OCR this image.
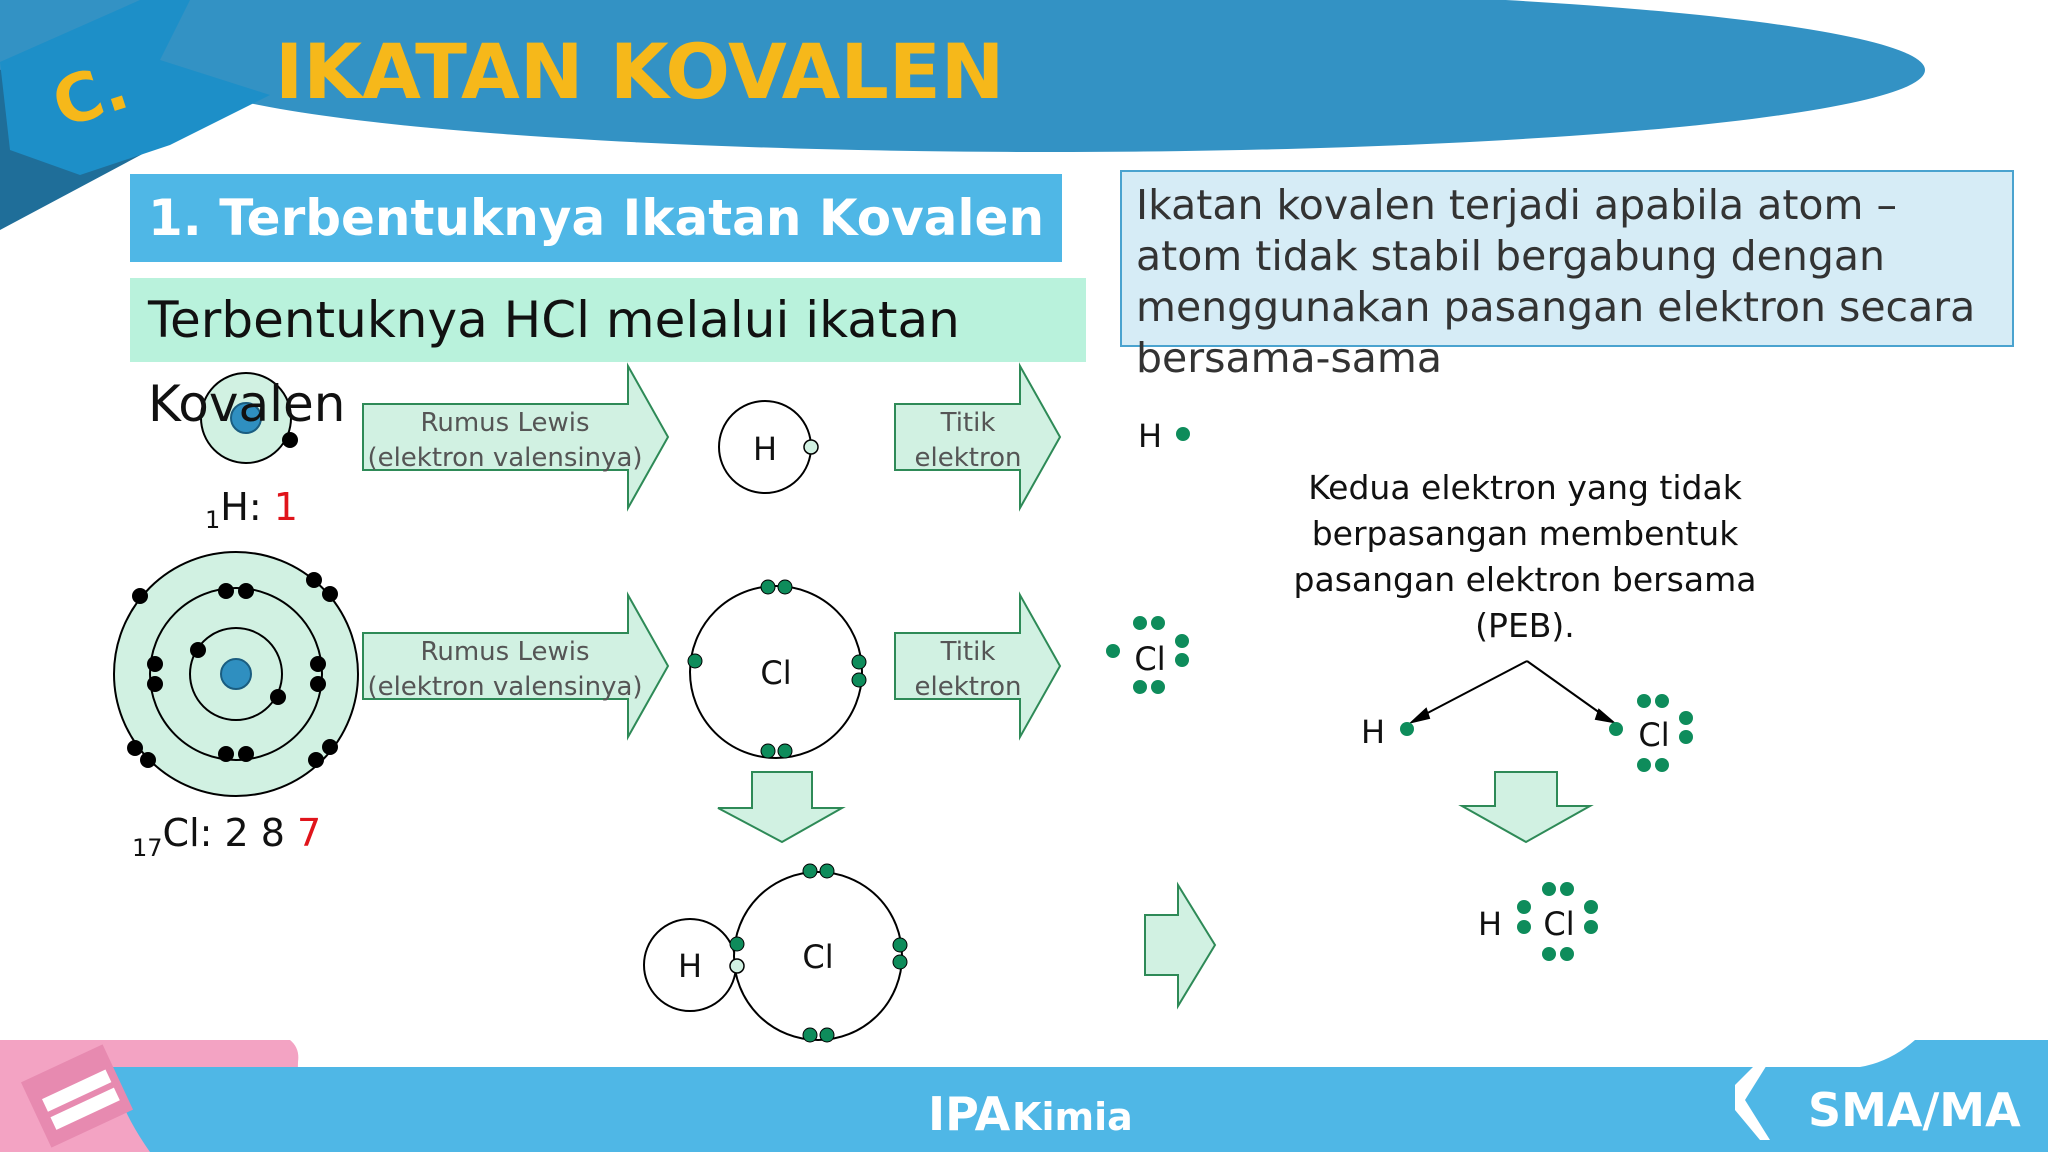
C. IKATAN KOVALEN
$_1$H: 1
$_{17}$Cl: 2 8 7
Rumus Lewis
(elektron valensinya)
Titik
elektron
H	H
Rumus Lewis
(elektron valensinya)
Titik
elektron
Cl	Cl
H	Cl
H	Cl
H Cl
IPA Kimia	SMA/MA
1. Terbentuknya Ikatan Kovalen
Terbentuknya HCl melalui ikatan Kovalen
Ikatan kovalen terjadi apabila atom –atom tidak stabil bergabung dengan menggunakan pasangan elektron secara bersama-sama
Kedua elektron yang tidak berpasangan membentuk pasangan elektron bersama (PEB).
